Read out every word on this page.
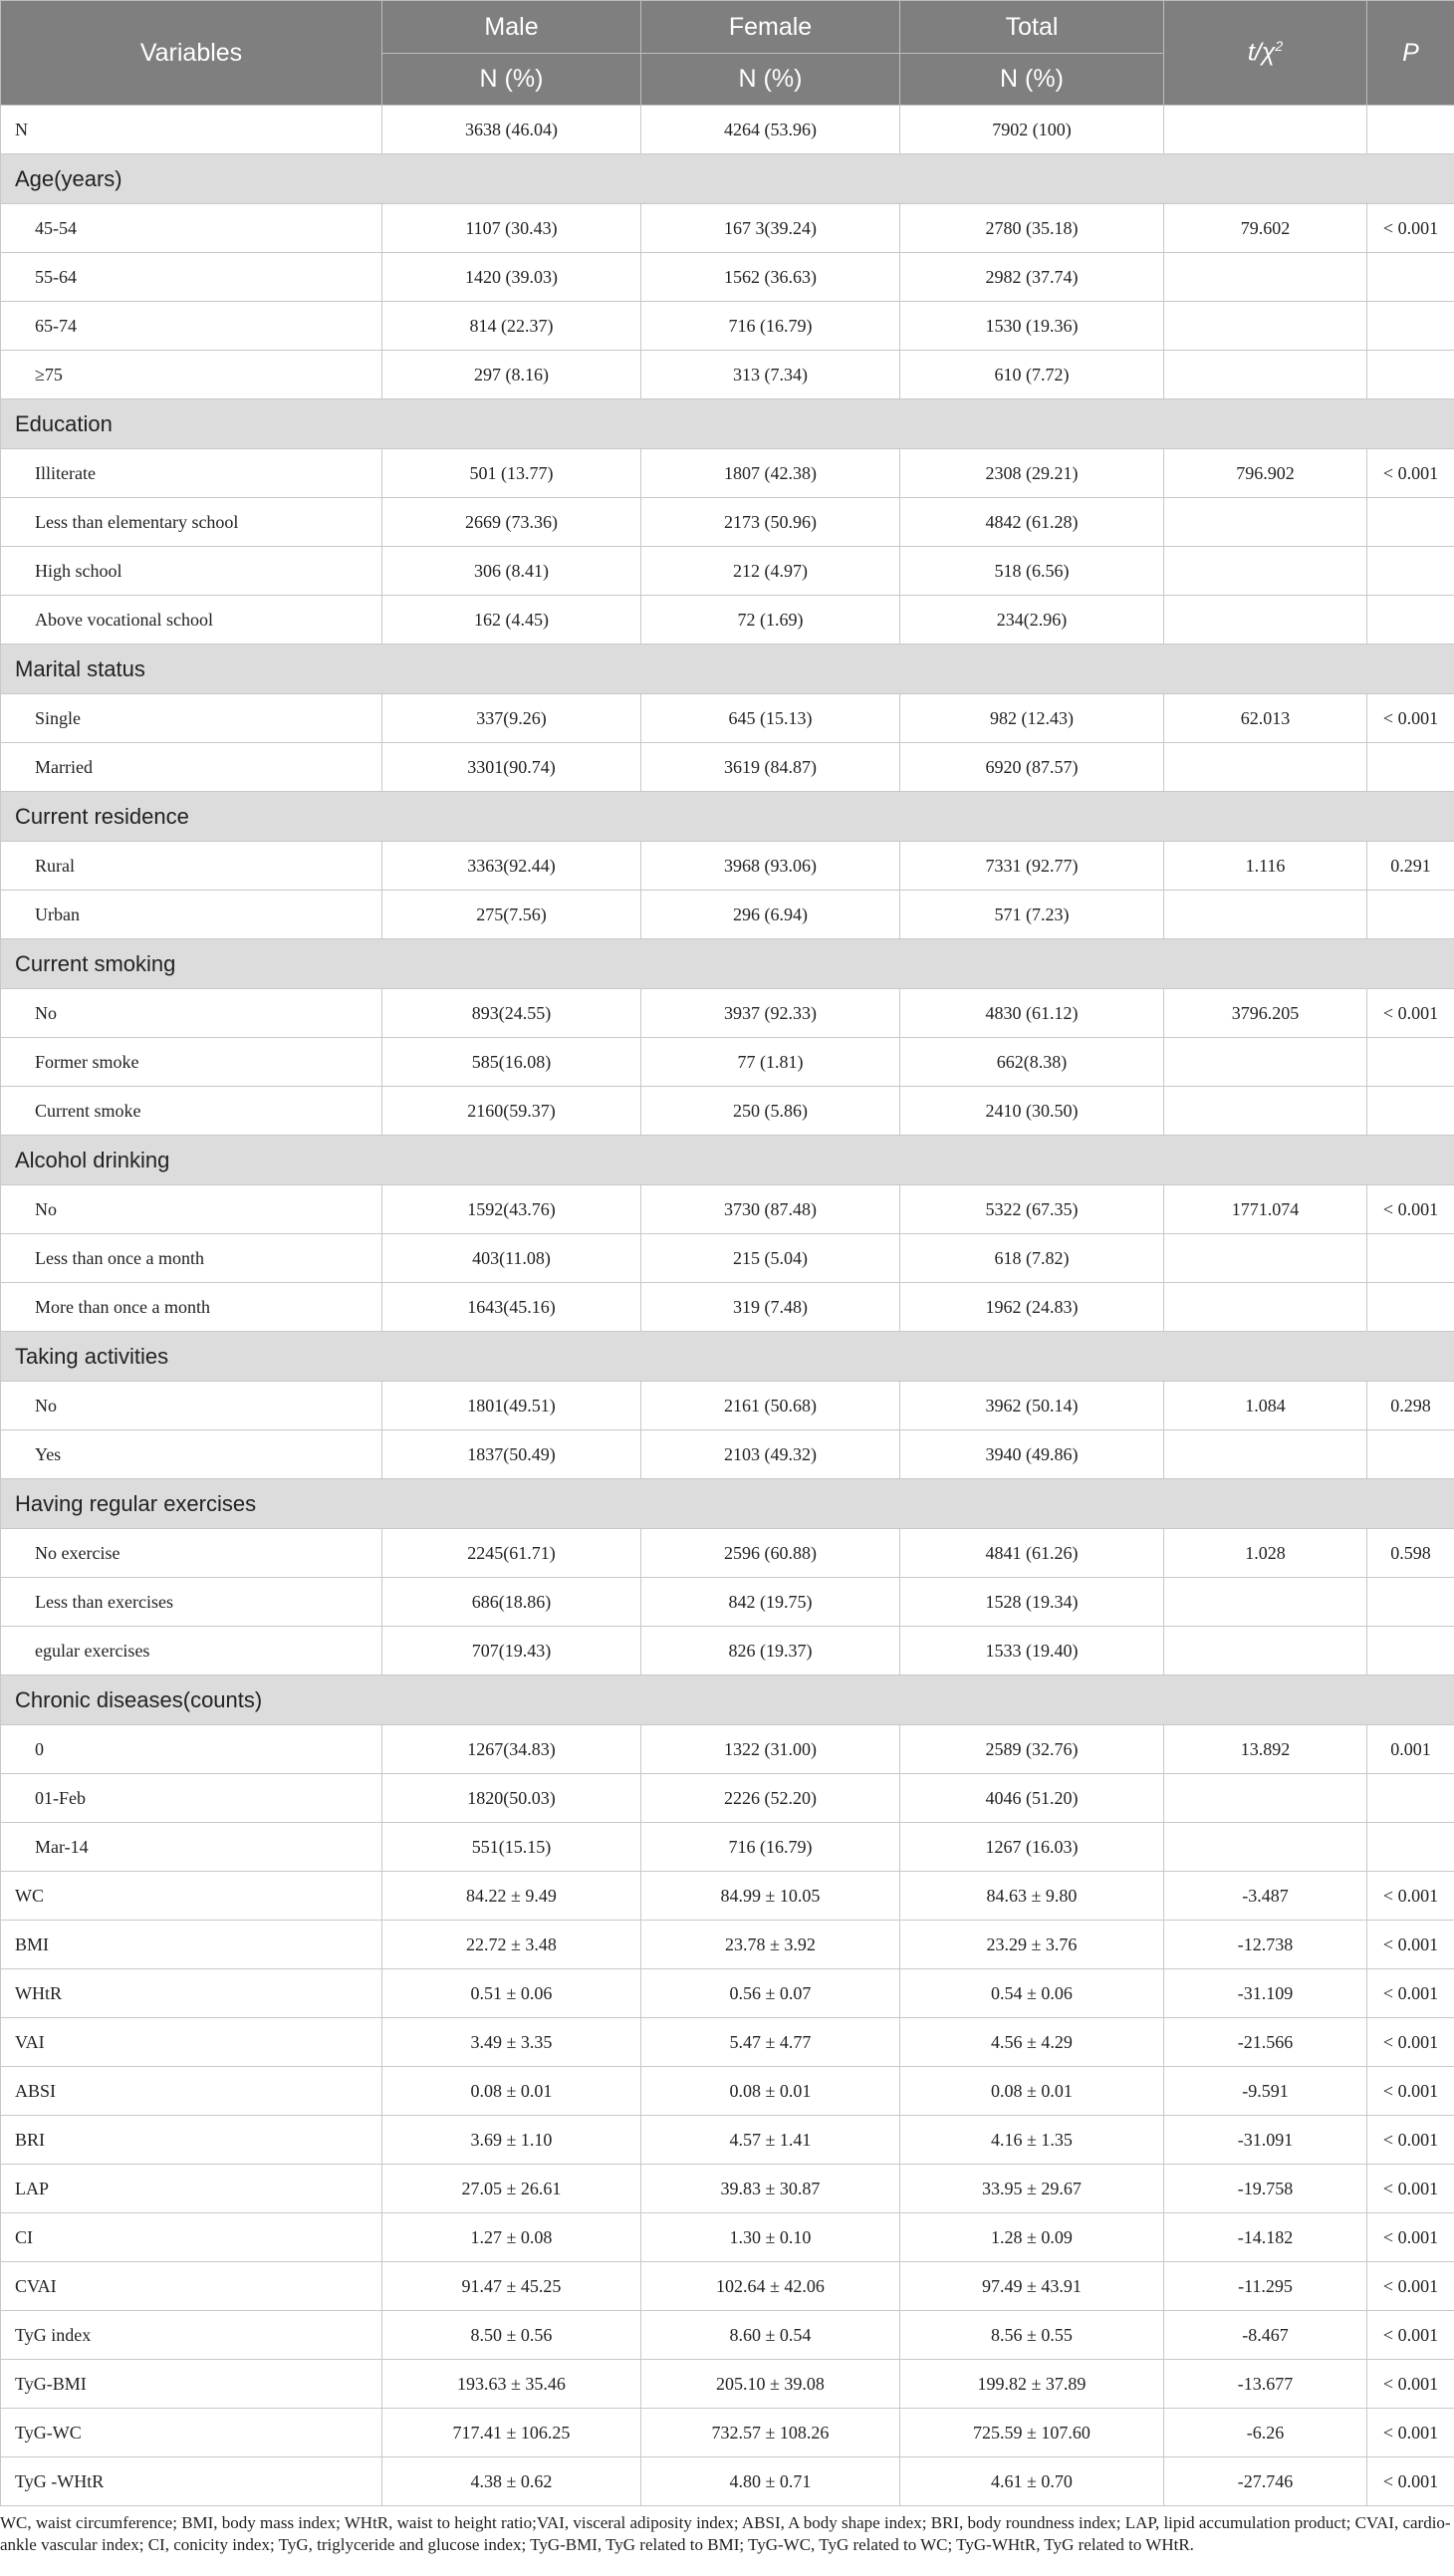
Variables	Male	Female	Total	$t/\chi^2$	P
	N (%)	N (%)	N (%)		
N	3638 (46.04)	4264 (53.96)	7902 (100)		
Age(years)					
45-54	1107 (30.43)	167 3(39.24)	2780 (35.18)	79.602	< 0.001
55-64	1420 (39.03)	1562 (36.63)	2982 (37.74)		
65-74	814 (22.37)	716 (16.79)	1530 (19.36)		
≥75	297 (8.16)	313 (7.34)	610 (7.72)		
Education					
Illiterate	501 (13.77)	1807 (42.38)	2308 (29.21)	796.902	< 0.001
Less than elementary school	2669 (73.36)	2173 (50.96)	4842 (61.28)		
High school	306 (8.41)	212 (4.97)	518 (6.56)		
Above vocational school	162 (4.45)	72 (1.69)	234(2.96)		
Marital status					
Single	337(9.26)	645 (15.13)	982 (12.43)	62.013	< 0.001
Married	3301(90.74)	3619 (84.87)	6920 (87.57)		
Current residence					
Rural	3363(92.44)	3968 (93.06)	7331 (92.77)	1.116	0.291
Urban	275(7.56)	296 (6.94)	571 (7.23)		
Current smoking					
No	893(24.55)	3937 (92.33)	4830 (61.12)	3796.205	< 0.001
Former smoke	585(16.08)	77 (1.81)	662(8.38)		
Current smoke	2160(59.37)	250 (5.86)	2410 (30.50)		
Alcohol drinking					
No	1592(43.76)	3730 (87.48)	5322 (67.35)	1771.074	< 0.001
Less than once a month	403(11.08)	215 (5.04)	618 (7.82)		
More than once a month	1643(45.16)	319 (7.48)	1962 (24.83)		
Taking activities					
No	1801(49.51)	2161 (50.68)	3962 (50.14)	1.084	0.298
Yes	1837(50.49)	2103 (49.32)	3940 (49.86)		
Having regular exercises					
No exercise	2245(61.71)	2596 (60.88)	4841 (61.26)	1.028	0.598
Less than exercises	686(18.86)	842 (19.75)	1528 (19.34)		
egular exercises	707(19.43)	826 (19.37)	1533 (19.40)		
Chronic diseases(counts)					
0	1267(34.83)	1322 (31.00)	2589 (32.76)	13.892	0.001
01-Feb	1820(50.03)	2226 (52.20)	4046 (51.20)		
Mar-14	551(15.15)	716 (16.79)	1267 (16.03)		
WC	84.22 ± 9.49	84.99 ± 10.05	84.63 ± 9.80	-3.487	< 0.001
BMI	22.72 ± 3.48	23.78 ± 3.92	23.29 ± 3.76	-12.738	< 0.001
WHtR	0.51 ± 0.06	0.56 ± 0.07	0.54 ± 0.06	-31.109	< 0.001
VAI	3.49 ± 3.35	5.47 ± 4.77	4.56 ± 4.29	-21.566	< 0.001
ABSI	0.08 ± 0.01	0.08 ± 0.01	0.08 ± 0.01	-9.591	< 0.001
BRI	3.69 ± 1.10	4.57 ± 1.41	4.16 ± 1.35	-31.091	< 0.001
LAP	27.05 ± 26.61	39.83 ± 30.87	33.95 ± 29.67	-19.758	< 0.001
CI	1.27 ± 0.08	1.30 ± 0.10	1.28 ± 0.09	-14.182	< 0.001
CVAI	91.47 ± 45.25	102.64 ± 42.06	97.49 ± 43.91	-11.295	< 0.001
TyG index	8.50 ± 0.56	8.60 ± 0.54	8.56 ± 0.55	-8.467	< 0.001
TyG-BMI	193.63 ± 35.46	205.10 ± 39.08	199.82 ± 37.89	-13.677	< 0.001
TyG-WC	717.41 ± 106.25	732.57 ± 108.26	725.59 ± 107.60	-6.26	< 0.001
TyG -WHtR	4.38 ± 0.62	4.80 ± 0.71	4.61 ± 0.70	-27.746	< 0.001
WC, waist circumference; BMI, body mass index; WHtR, waist to height ratio;VAI, visceral adiposity index; ABSI, A body shape index; BRI, body roundness index; LAP, lipid accumulation product; CVAI, cardio-ankle vascular index; CI, conicity index; TyG, triglyceride and glucose index; TyG-BMI, TyG related to BMI; TyG-WC, TyG related to WC; TyG-WHtR, TyG related to WHtR.
